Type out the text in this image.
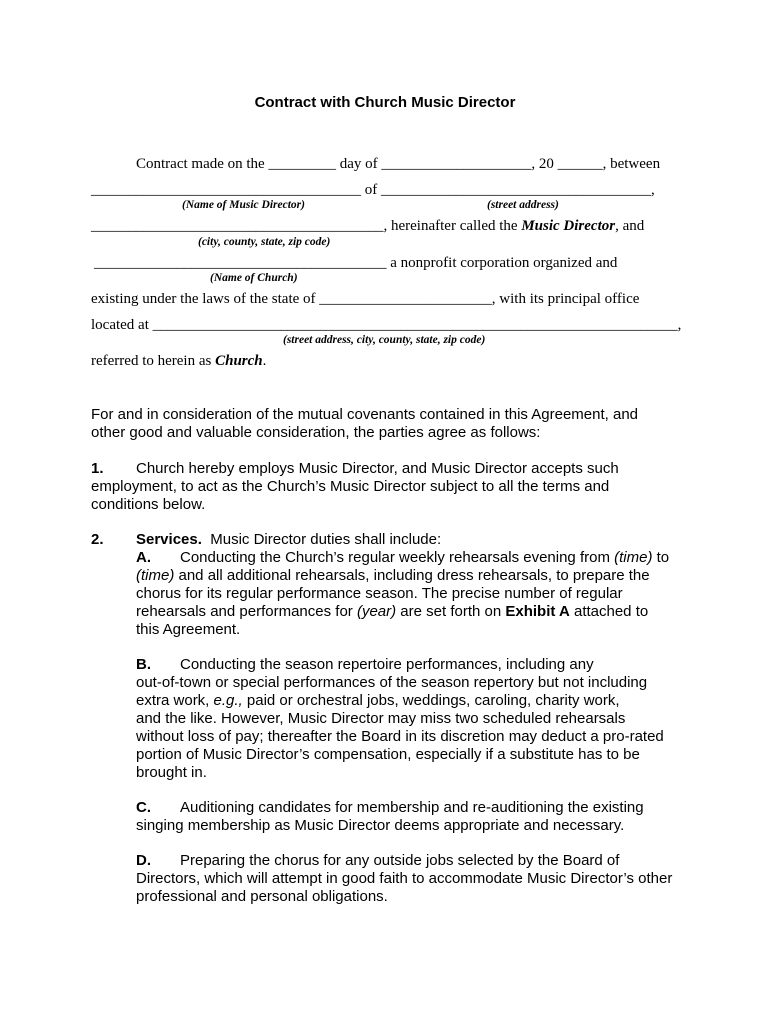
Contract with Church Music Director
Contract made on the _________ day of ____________________, 20 ______, between
____________________________________ of ____________________________________,
(Name of Music Director)	(street address)
_______________________________________, hereinafter called the Music Director, and
(city, county, state, zip code)
_______________________________________ a nonprofit corporation organized and
(Name of Church)
existing under the laws of the state of _______________________, with its principal office
located at ______________________________________________________________________,
(street address, city, county, state, zip code)
referred to herein as Church.
For and in consideration of the mutual covenants contained in this Agreement, and
other good and valuable consideration, the parties agree as follows:
1. Church hereby employs Music Director, and Music Director accepts such
employment, to act as the Church’s Music Director subject to all the terms and
conditions below.
2. Services.  Music Director duties shall include:
A. Conducting the Church’s regular weekly rehearsals evening from (time) to
(time) and all additional rehearsals, including dress rehearsals, to prepare the
chorus for its regular performance season. The precise number of regular
rehearsals and performances for (year) are set forth on Exhibit A attached to
this Agreement.
B. Conducting the season repertoire performances, including any
out-of-town or special performances of the season repertory but not including
extra work, e.g., paid or orchestral jobs, weddings, caroling, charity work,
and the like. However, Music Director may miss two scheduled rehearsals
without loss of pay; thereafter the Board in its discretion may deduct a pro-rated
portion of Music Director’s compensation, especially if a substitute has to be
brought in.
C. Auditioning candidates for membership and re-auditioning the existing
singing membership as Music Director deems appropriate and necessary.
D. Preparing the chorus for any outside jobs selected by the Board of
Directors, which will attempt in good faith to accommodate Music Director’s other
professional and personal obligations.
